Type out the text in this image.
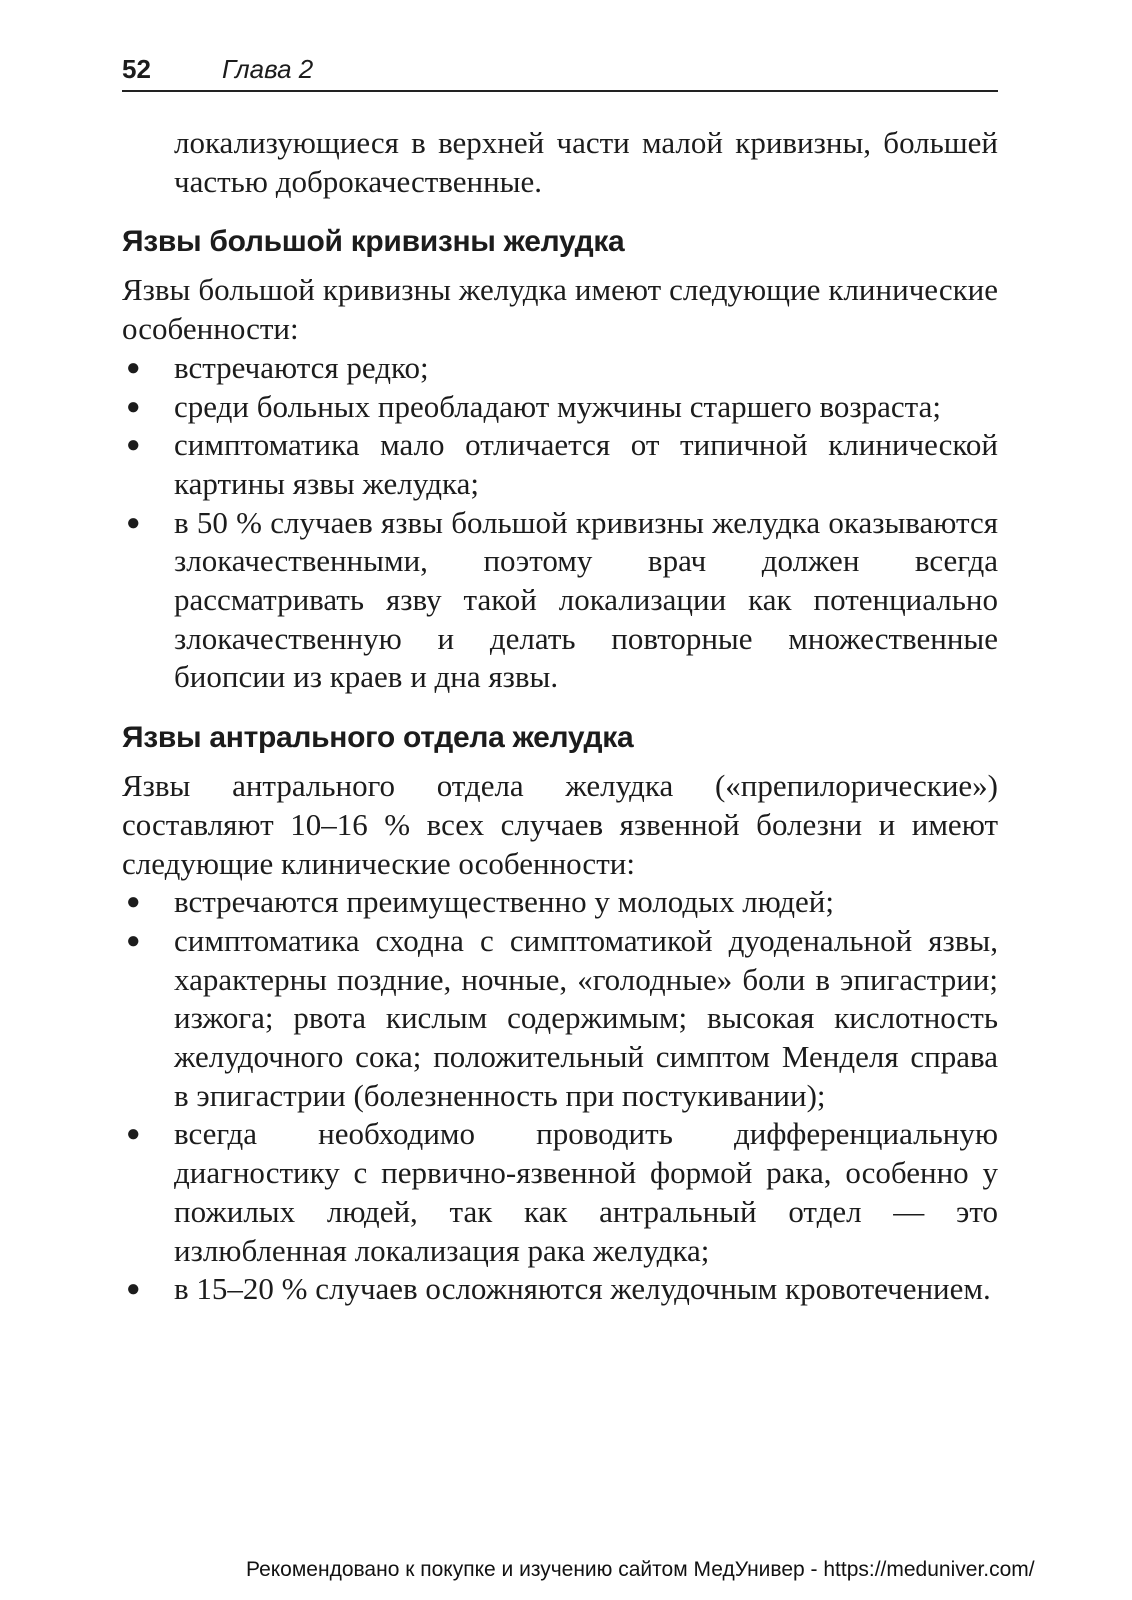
52	Глава 2

локализующиеся в верхней части малой кривизны, большей частью доброкачественные.

Язвы большой кривизны желудка

Язвы большой кривизны желудка имеют следующие клинические особенности:

● встречаются редко;
● среди больных преобладают мужчины старшего возраста;
● симптоматика мало отличается от типичной клинической картины язвы желудка;
● в 50 % случаев язвы большой кривизны желудка оказываются злокачественными, поэтому врач должен всегда рассматривать язву такой локализации как потенциально злокачественную и делать повторные множественные биопсии из краев и дна язвы.
Язвы антрального отдела желудка

Язвы антрального отдела желудка («препилорические») составляют 10–16 % всех случаев язвенной болезни и имеют следующие клинические особенности:

● встречаются преимущественно у молодых людей;
● симптоматика сходна с симптоматикой дуоденальной язвы, характерны поздние, ночные, «голодные» боли в эпигастрии; изжога; рвота кислым содержимым; высокая кислотность желудочного сока; положительный симптом Менделя справа в эпигастрии (болезненность при постукивании);
● всегда необходимо проводить дифференциальную диагностику с первично-язвенной формой рака, особенно у пожилых людей, так как антральный отдел — это излюбленная локализация рака желудка;
● в 15–20 % случаев осложняются желудочным кровотечением.
Рекомендовано к покупке и изучению сайтом МедУнивер - https://meduniver.com/
